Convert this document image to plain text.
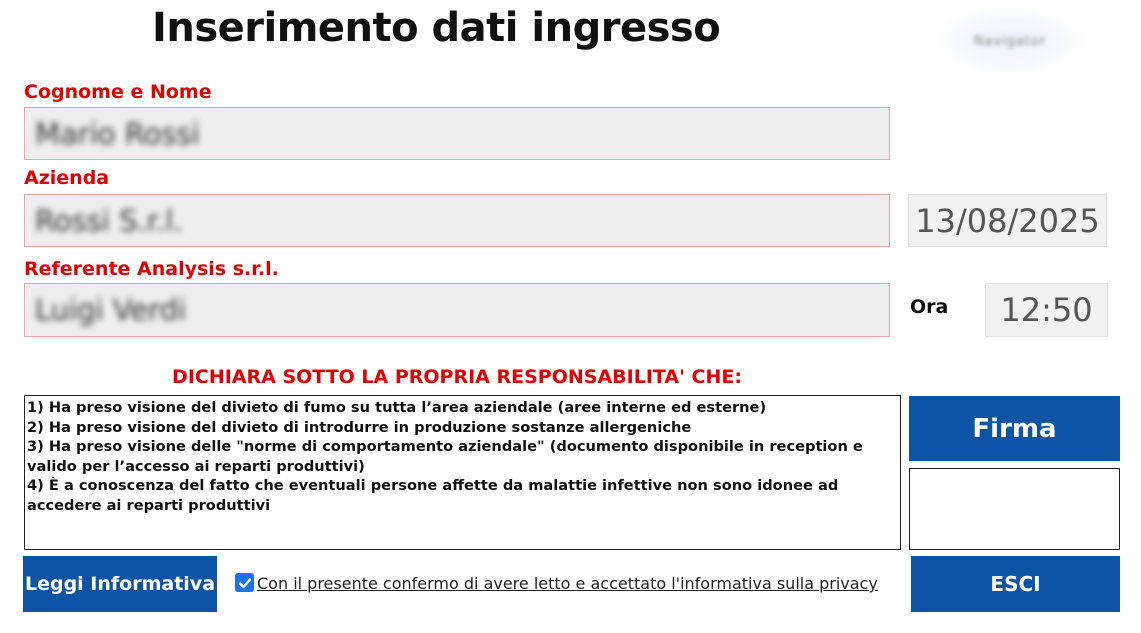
Inserimento dati ingresso	Navigator
Cognome e Nome
Mario Rossi
Azienda
Rossi S.r.l.
13/08/2025
Referente Analysis s.r.l.
Luigi Verdi
Ora	12:50
DICHIARA SOTTO LA PROPRIA RESPONSABILITA' CHE:
1) Ha preso visione del divieto di fumo su tutta l’area aziendale (aree interne ed esterne)
2) Ha preso visione del divieto di introdurre in produzione sostanze allergeniche
3) Ha preso visione delle "norme di comportamento aziendale" (documento disponibile in reception e valido per l’accesso ai reparti produttivi)
4) È a conoscenza del fatto che eventuali persone affette da malattie infettive non sono idonee ad accedere ai reparti produttivi
Firma
Leggi Informativa	Con il presente confermo di avere letto e accettato l'informativa sulla privacy	ESCI
